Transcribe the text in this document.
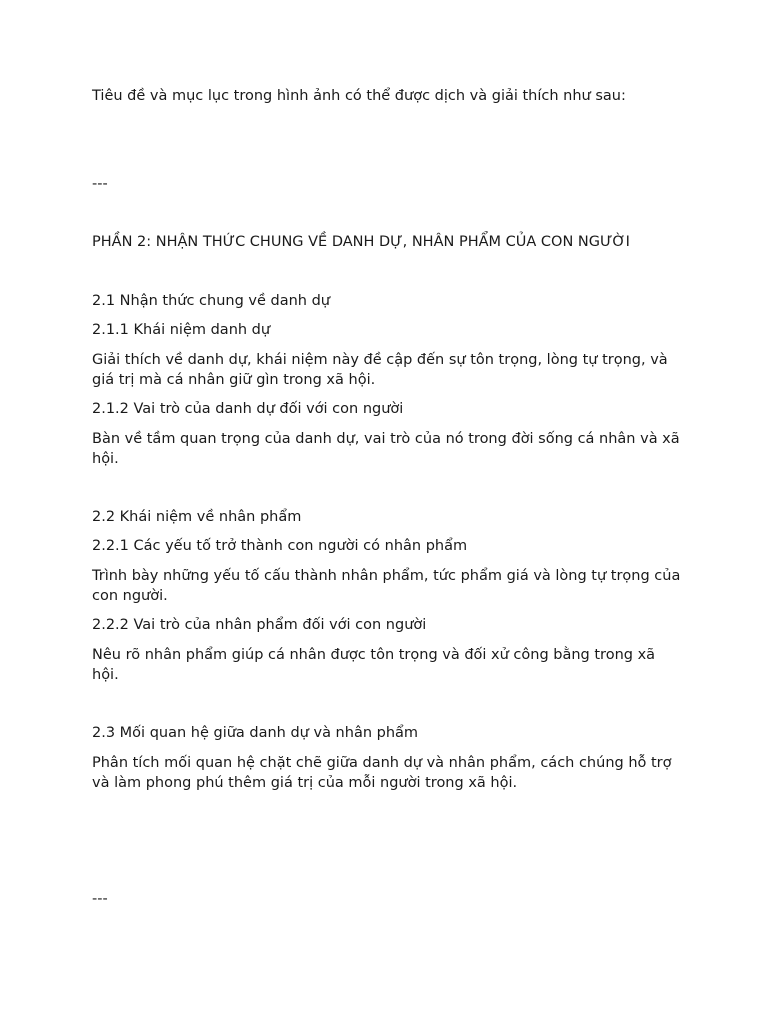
Tiêu đề và mục lục trong hình ảnh có thể được dịch và giải thích như sau:

---

PHẦN 2: NHẬN THỨC CHUNG VỀ DANH DỰ, NHÂN PHẨM CỦA CON NGƯỜI

2.1 Nhận thức chung về danh dự

2.1.1 Khái niệm danh dự

Giải thích về danh dự, khái niệm này đề cập đến sự tôn trọng, lòng tự trọng, và giá trị mà cá nhân giữ gìn trong xã hội.

2.1.2 Vai trò của danh dự đối với con người

Bàn về tầm quan trọng của danh dự, vai trò của nó trong đời sống cá nhân và xã hội.

2.2 Khái niệm về nhân phẩm

2.2.1 Các yếu tố trở thành con người có nhân phẩm

Trình bày những yếu tố cấu thành nhân phẩm, tức phẩm giá và lòng tự trọng của con người.

2.2.2 Vai trò của nhân phẩm đối với con người

Nêu rõ nhân phẩm giúp cá nhân được tôn trọng và đối xử công bằng trong xã hội.

2.3 Mối quan hệ giữa danh dự và nhân phẩm

Phân tích mối quan hệ chặt chẽ giữa danh dự và nhân phẩm, cách chúng hỗ trợ và làm phong phú thêm giá trị của mỗi người trong xã hội.

---
